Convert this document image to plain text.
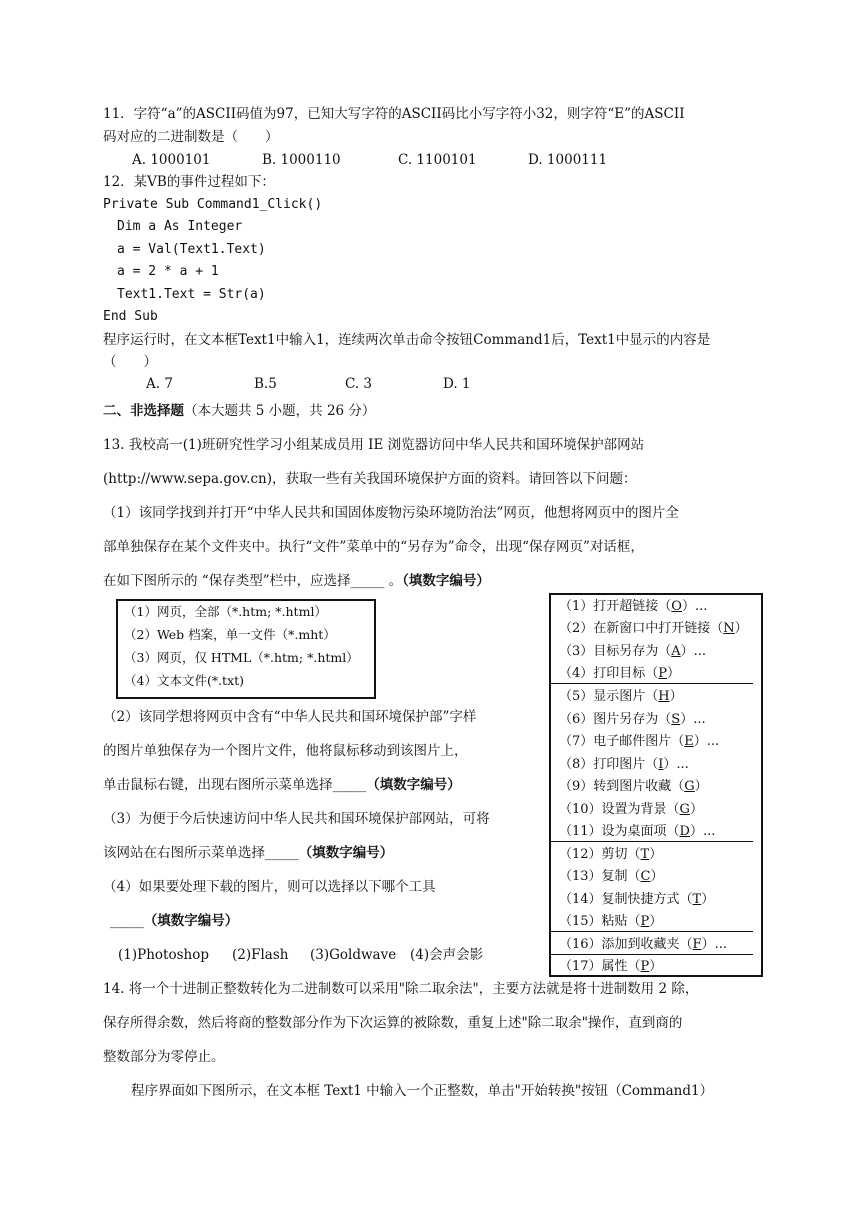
11．字符“a”的ASCII码值为97，已知大写字符的ASCII码比小写字符小32，则字符“E”的ASCII
码对应的二进制数是（　　）
A. 1000101	B. 1000110	C. 1100101	D. 1000111
12．某VB的事件过程如下：
Private Sub Command1_Click()
Dim a As Integer
a = Val(Text1.Text)
a = 2 * a + 1
Text1.Text = Str(a)
End Sub
程序运行时，在文本框Text1中输入1，连续两次单击命令按钮Command1后，Text1中显示的内容是
（　　）
A. 7	B.5	C. 3	D. 1
二、非选择题（本大题共 5 小题，共 26 分）
13. 我校高一(1)班研究性学习小组某成员用 IE 浏览器访问中华人民共和国环境保护部网站
(http://www.sepa.gov.cn)，获取一些有关我国环境保护方面的资料。请回答以下问题：
（1）该同学找到并打开“中华人民共和国固体废物污染环境防治法”网页，他想将网页中的图片全
部单独保存在某个文件夹中。执行“文件”菜单中的“另存为”命令，出现“保存网页”对话框，
在如下图所示的 “保存类型”栏中，应选择_____ 。（填数字编号）
（1）网页，全部（*.htm; *.html）
（2）Web 档案，单一文件（*.mht）
（3）网页，仅 HTML（*.htm; *.html）
（4）文本文件(*.txt)
（2）该同学想将网页中含有“中华人民共和国环境保护部”字样
的图片单独保存为一个图片文件，他将鼠标移动到该图片上，
单击鼠标右键，出现右图所示菜单选择_____（填数字编号）
（3）为便于今后快速访问中华人民共和国环境保护部网站，可将
该网站在右图所示菜单选择_____（填数字编号）
（4）如果要处理下载的图片，则可以选择以下哪个工具
_____（填数字编号）
(1)Photoshop (2)Flash (3)Goldwave (4)会声会影
（1）打开超链接（O）...
（2）在新窗口中打开链接（N）
（3）目标另存为（A）...
（4）打印目标（P）
（5）显示图片（H）
（6）图片另存为（S）...
（7）电子邮件图片（E）...
（8）打印图片（I）...
（9）转到图片收藏（G）
（10）设置为背景（G）
（11）设为桌面项（D）...
（12）剪切（T）
（13）复制（C）
（14）复制快捷方式（T）
（15）粘贴（P）
（16）添加到收藏夹（F）...
（17）属性（P）
14. 将一个十进制正整数转化为二进制数可以采用"除二取余法"，主要方法就是将十进制数用 2 除，
保存所得余数，然后将商的整数部分作为下次运算的被除数，重复上述"除二取余"操作，直到商的
整数部分为零停止。
程序界面如下图所示，在文本框 Text1 中输入一个正整数，单击"开始转换"按钮（Command1）
